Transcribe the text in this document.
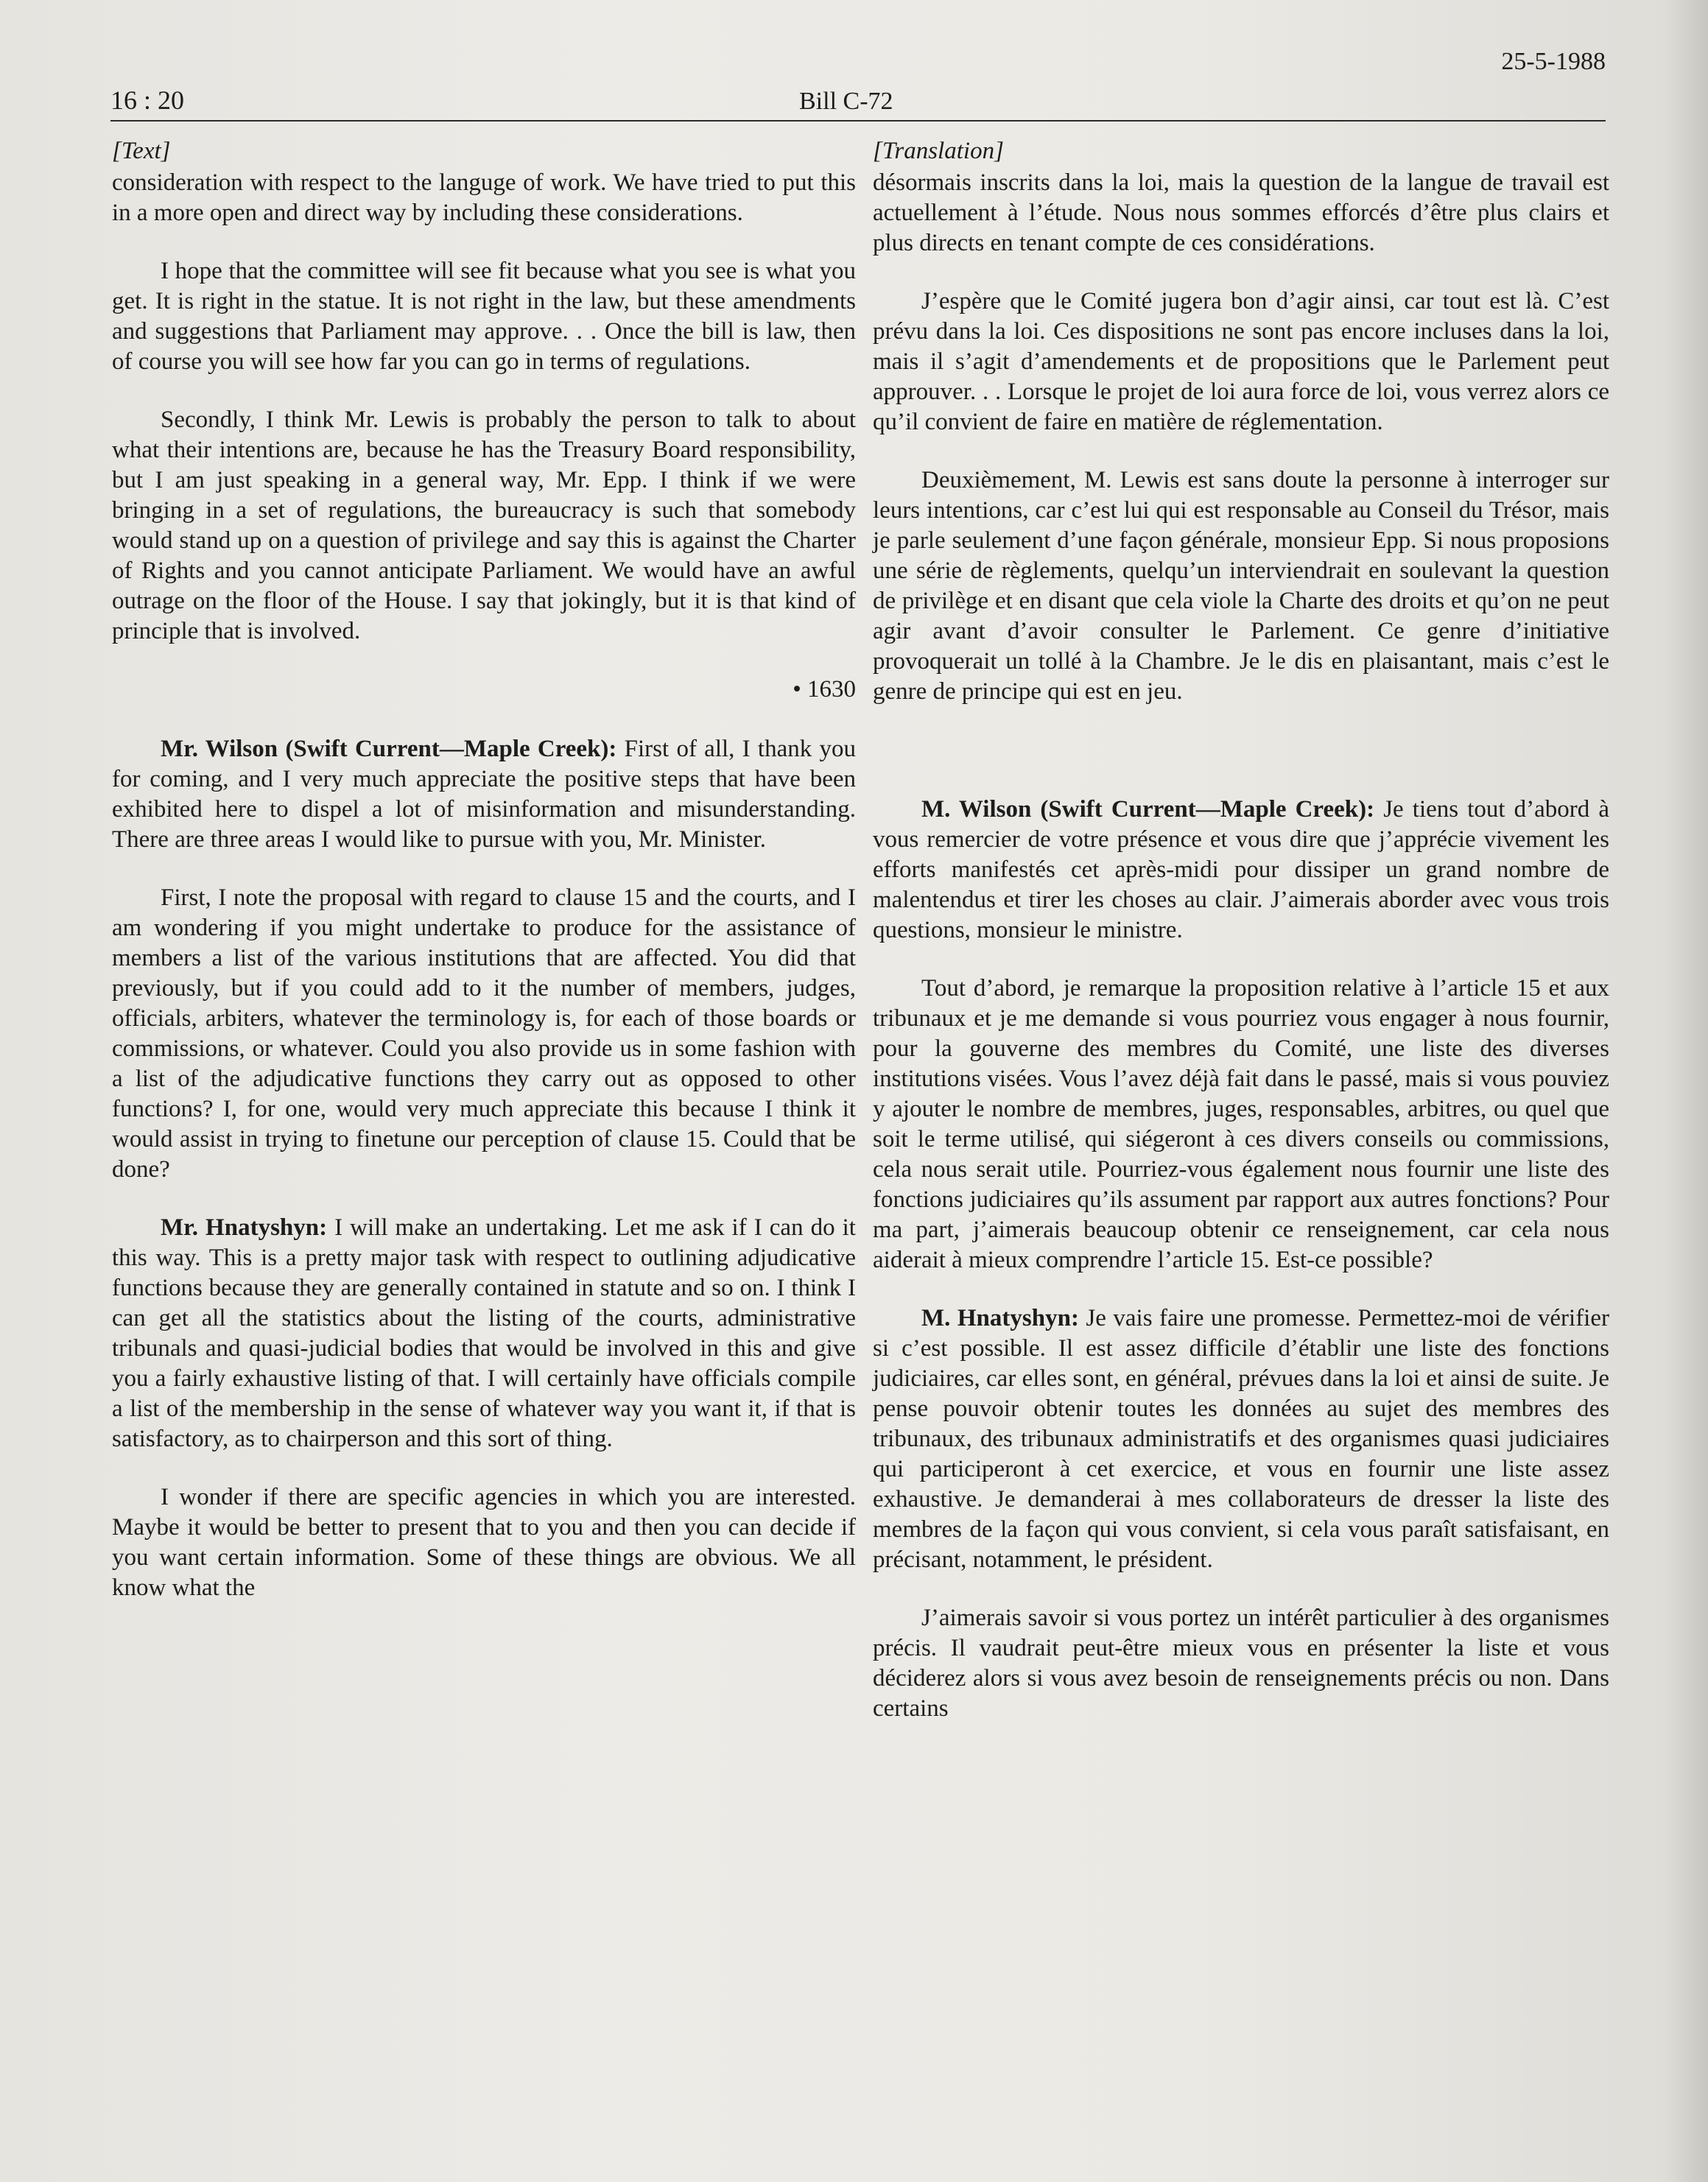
16 : 20	Bill C-72
25-5-1988
[Text]

consideration with respect to the languge of work. We have tried to put this in a more open and direct way by including these considerations.

I hope that the committee will see fit because what you see is what you get. It is right in the statue. It is not right in the law, but these amendments and suggestions that Parliament may approve. . . Once the bill is law, then of course you will see how far you can go in terms of regulations.

Secondly, I think Mr. Lewis is probably the person to talk to about what their intentions are, because he has the Treasury Board responsibility, but I am just speaking in a general way, Mr. Epp. I think if we were bringing in a set of regulations, the bureaucracy is such that somebody would stand up on a question of privilege and say this is against the Charter of Rights and you cannot anticipate Parliament. We would have an awful outrage on the floor of the House. I say that jokingly, but it is that kind of principle that is involved.

• 1630

Mr. Wilson (Swift Current—Maple Creek): First of all, I thank you for coming, and I very much appreciate the positive steps that have been exhibited here to dispel a lot of misinformation and misunderstanding. There are three areas I would like to pursue with you, Mr. Minister.

First, I note the proposal with regard to clause 15 and the courts, and I am wondering if you might undertake to produce for the assistance of members a list of the various institutions that are affected. You did that previously, but if you could add to it the number of members, judges, officials, arbiters, whatever the terminology is, for each of those boards or commissions, or whatever. Could you also provide us in some fashion with a list of the adjudicative functions they carry out as opposed to other functions? I, for one, would very much appreciate this because I think it would assist in trying to finetune our perception of clause 15. Could that be done?

Mr. Hnatyshyn: I will make an undertaking. Let me ask if I can do it this way. This is a pretty major task with respect to outlining adjudicative functions because they are generally contained in statute and so on. I think I can get all the statistics about the listing of the courts, administrative tribunals and quasi-judicial bodies that would be involved in this and give you a fairly exhaustive listing of that. I will certainly have officials compile a list of the membership in the sense of whatever way you want it, if that is satisfactory, as to chairperson and this sort of thing.

I wonder if there are specific agencies in which you are interested. Maybe it would be better to present that to you and then you can decide if you want certain information. Some of these things are obvious. We all know what the

[Translation]

désormais inscrits dans la loi, mais la question de la langue de travail est actuellement à l’étude. Nous nous sommes efforcés d’être plus clairs et plus directs en tenant compte de ces considérations.

J’espère que le Comité jugera bon d’agir ainsi, car tout est là. C’est prévu dans la loi. Ces dispositions ne sont pas encore incluses dans la loi, mais il s’agit d’amendements et de propositions que le Parlement peut approuver. . . Lorsque le projet de loi aura force de loi, vous verrez alors ce qu’il convient de faire en matière de réglementation.

Deuxièmement, M. Lewis est sans doute la personne à interroger sur leurs intentions, car c’est lui qui est responsable au Conseil du Trésor, mais je parle seulement d’une façon générale, monsieur Epp. Si nous proposions une série de règlements, quelqu’un interviendrait en soulevant la question de privilège et en disant que cela viole la Charte des droits et qu’on ne peut agir avant d’avoir consulter le Parlement. Ce genre d’initiative provoquerait un tollé à la Chambre. Je le dis en plaisantant, mais c’est le genre de principe qui est en jeu.

M. Wilson (Swift Current—Maple Creek): Je tiens tout d’abord à vous remercier de votre présence et vous dire que j’apprécie vivement les efforts manifestés cet après-midi pour dissiper un grand nombre de malentendus et tirer les choses au clair. J’aimerais aborder avec vous trois questions, monsieur le ministre.

Tout d’abord, je remarque la proposition relative à l’article 15 et aux tribunaux et je me demande si vous pourriez vous engager à nous fournir, pour la gouverne des membres du Comité, une liste des diverses institutions visées. Vous l’avez déjà fait dans le passé, mais si vous pouviez y ajouter le nombre de membres, juges, responsables, arbitres, ou quel que soit le terme utilisé, qui siégeront à ces divers conseils ou commissions, cela nous serait utile. Pourriez-vous également nous fournir une liste des fonctions judiciaires qu’ils assument par rapport aux autres fonctions? Pour ma part, j’aimerais beaucoup obtenir ce renseignement, car cela nous aiderait à mieux comprendre l’article 15. Est-ce possible?

M. Hnatyshyn: Je vais faire une promesse. Permettez-moi de vérifier si c’est possible. Il est assez difficile d’établir une liste des fonctions judiciaires, car elles sont, en général, prévues dans la loi et ainsi de suite. Je pense pouvoir obtenir toutes les données au sujet des membres des tribunaux, des tribunaux administratifs et des organismes quasi judiciaires qui participeront à cet exercice, et vous en fournir une liste assez exhaustive. Je demanderai à mes collaborateurs de dresser la liste des membres de la façon qui vous convient, si cela vous paraît satisfaisant, en précisant, notamment, le président.

J’aimerais savoir si vous portez un intérêt particulier à des organismes précis. Il vaudrait peut-être mieux vous en présenter la liste et vous déciderez alors si vous avez besoin de renseignements précis ou non. Dans certains
